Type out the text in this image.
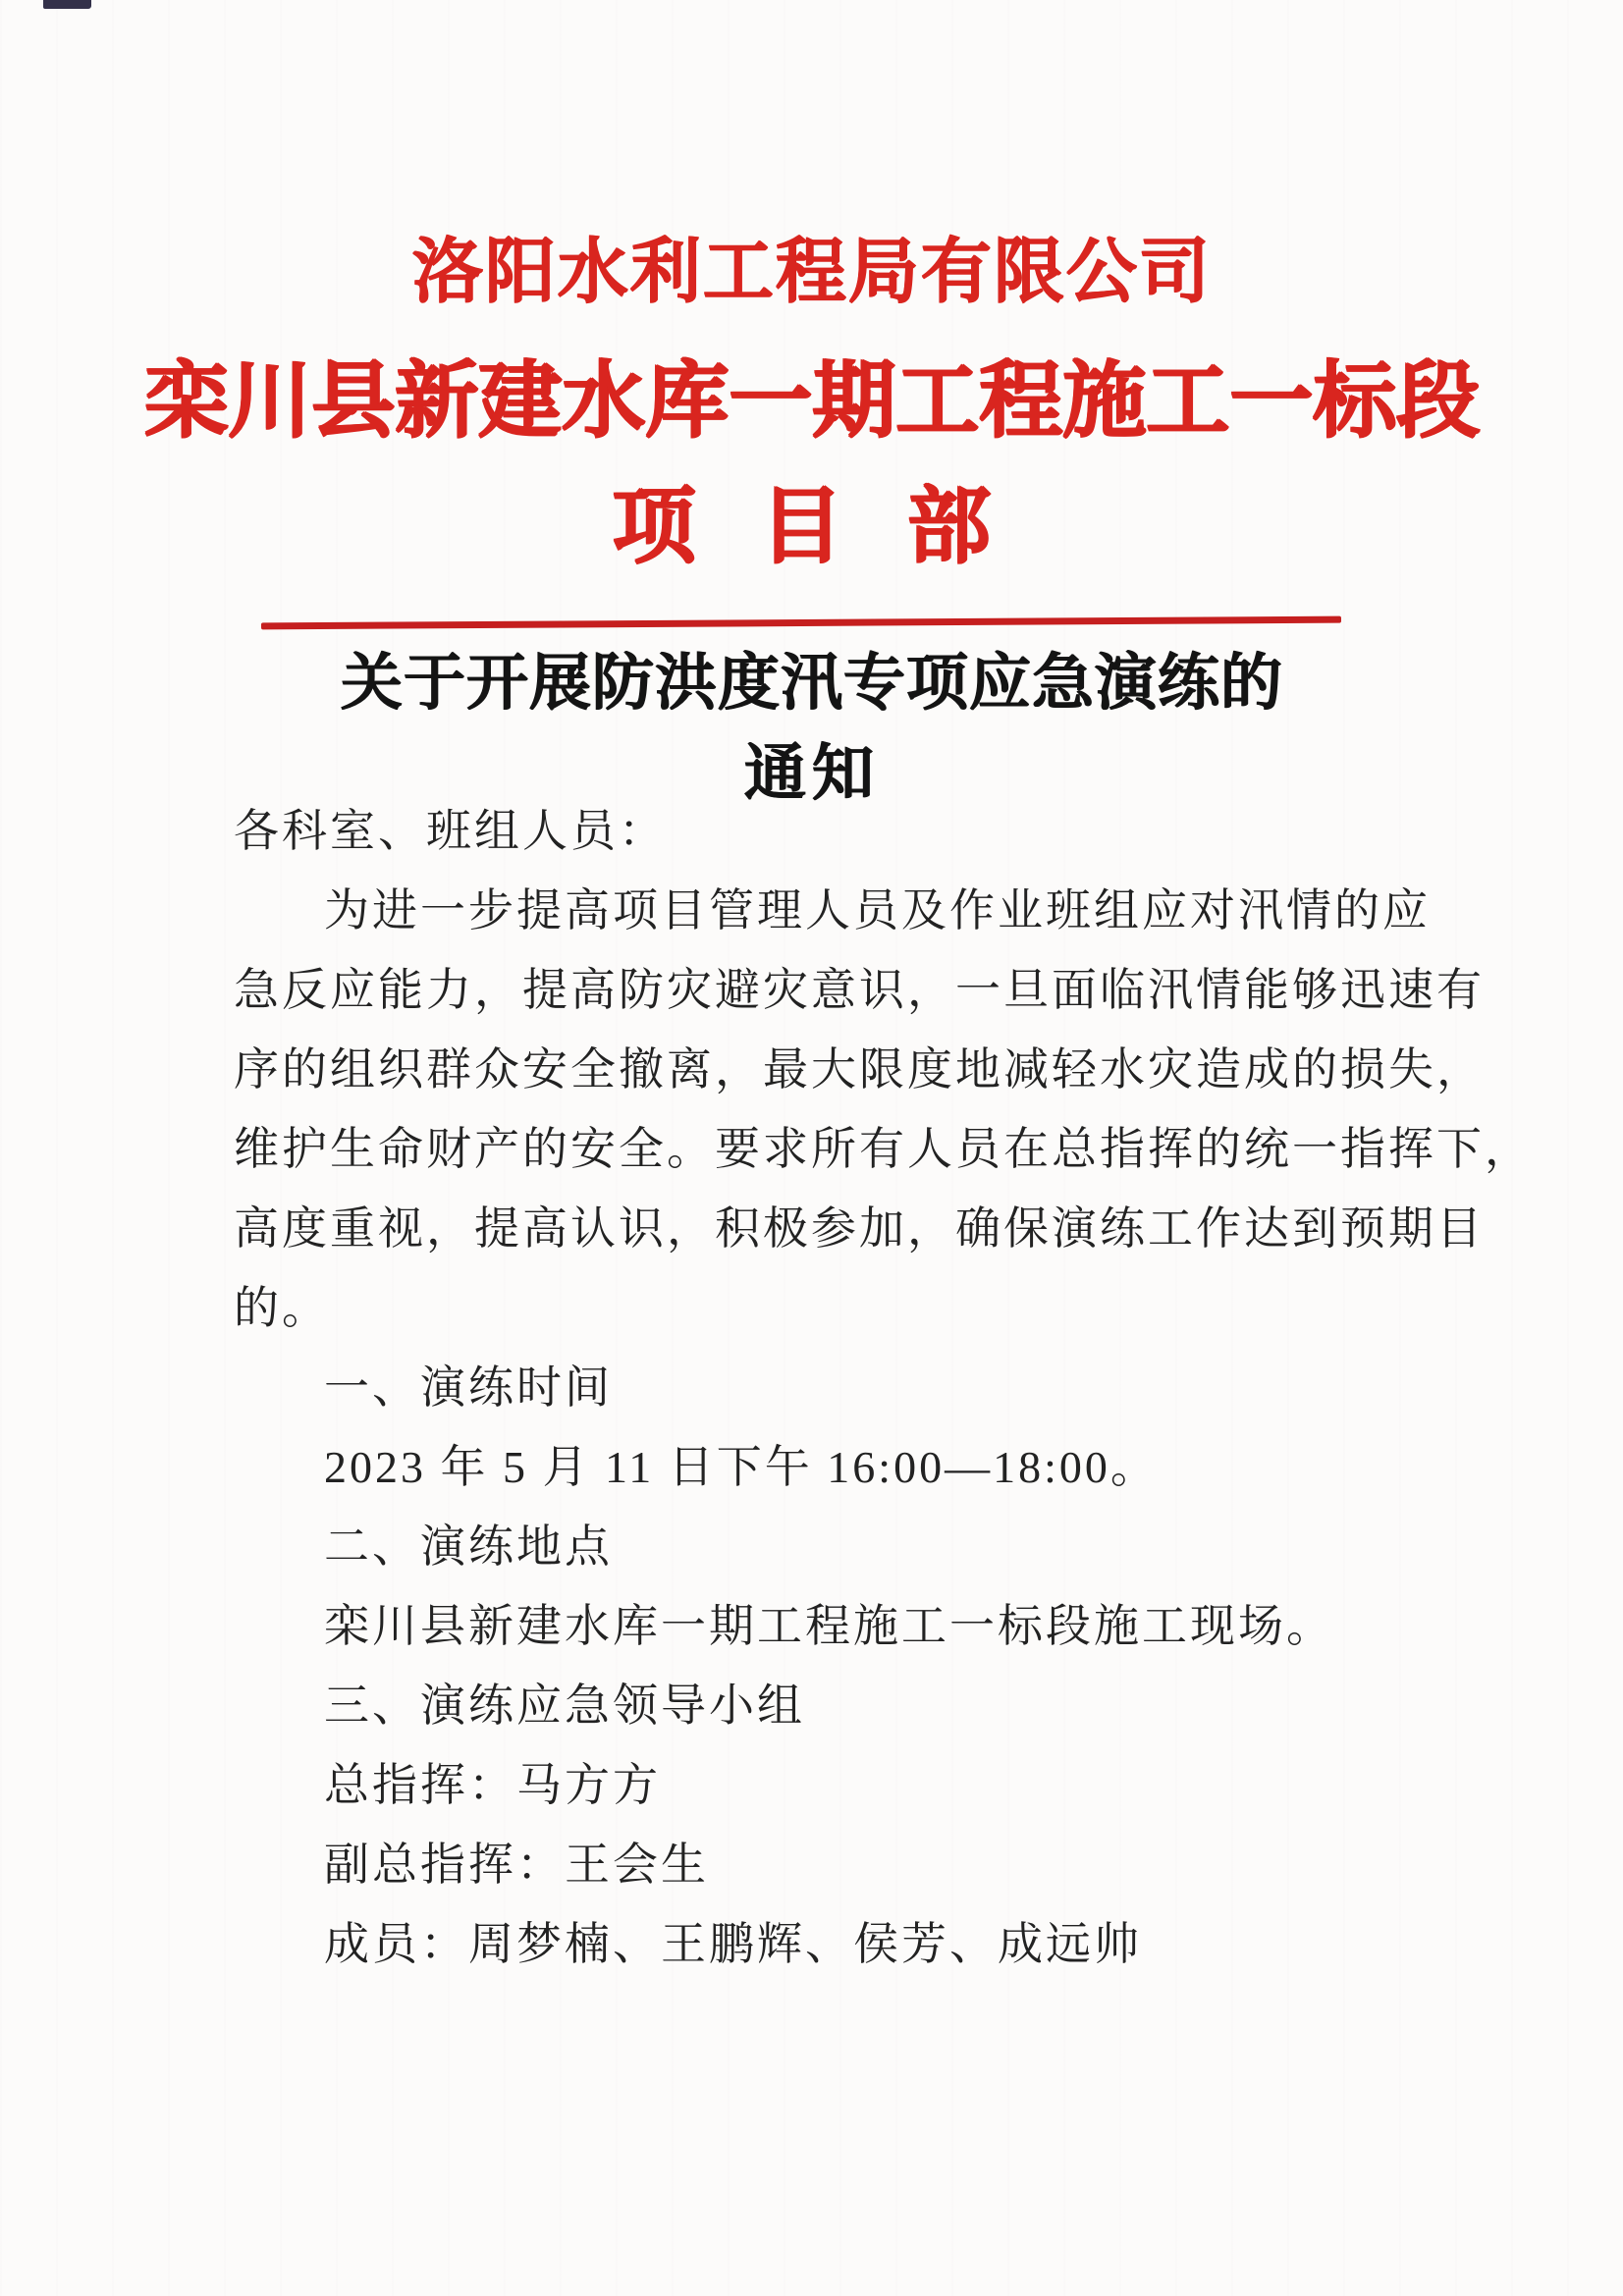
洛阳水利工程局有限公司
栾川县新建水库一期工程施工一标段
项 目 部
关于开展防洪度汛专项应急演练的
通知
各科室、班组人员：
为进一步提高项目管理人员及作业班组应对汛情的应
急反应能力，提高防灾避灾意识，一旦面临汛情能够迅速有
序的组织群众安全撤离，最大限度地减轻水灾造成的损失，
维护生命财产的安全。要求所有人员在总指挥的统一指挥下，
高度重视，提高认识，积极参加，确保演练工作达到预期目
的。
一、演练时间
2023 年 5 月 11 日下午 16:00—18:00。
二、演练地点
栾川县新建水库一期工程施工一标段施工现场。
三、演练应急领导小组
总指挥：马方方
副总指挥：王会生
成员：周梦楠、王鹏辉、侯芳、成远帅
